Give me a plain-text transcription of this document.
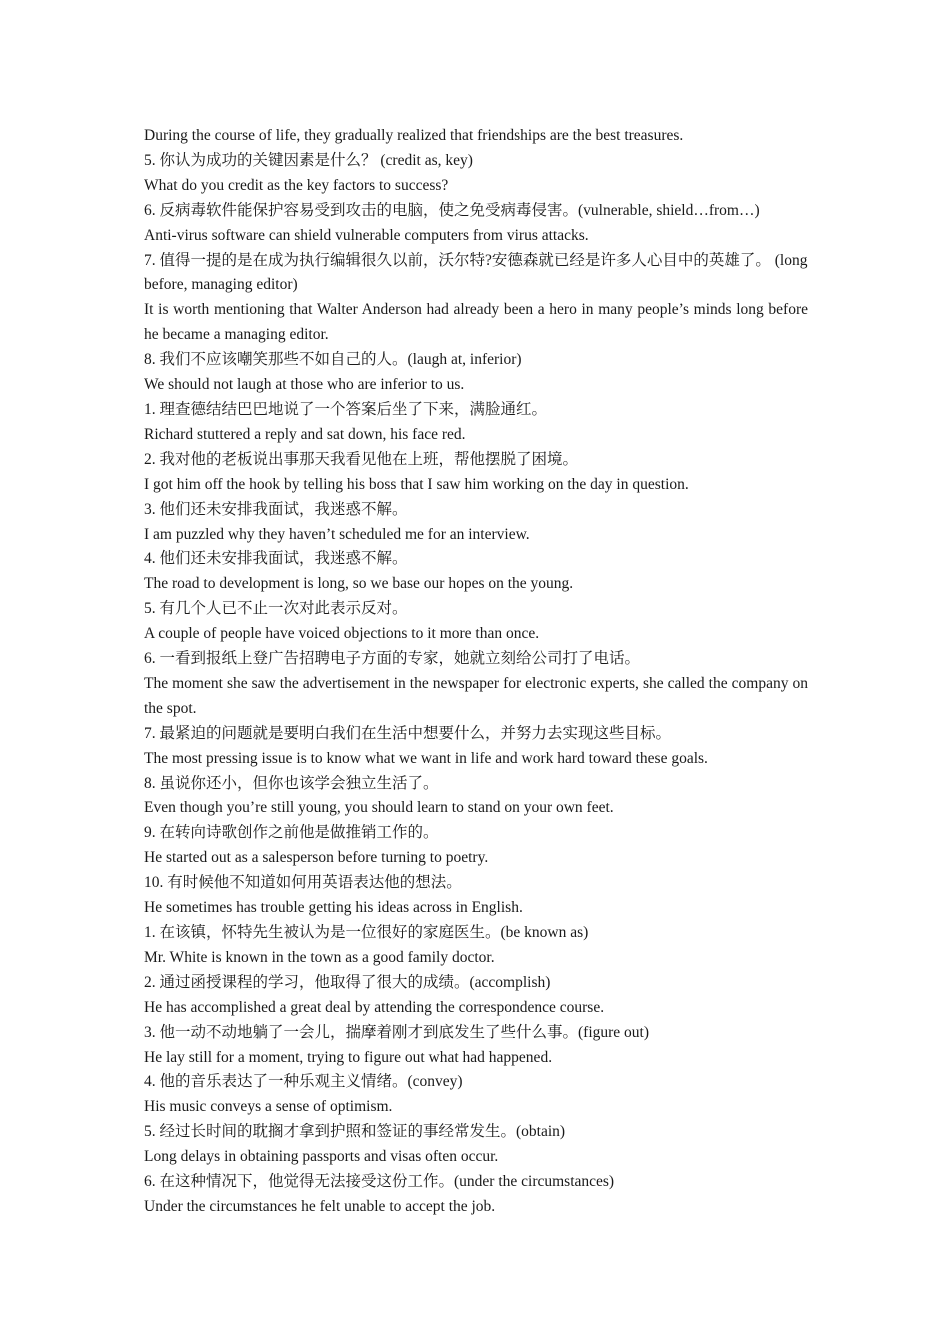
During the course of life, they gradually realized that friendships are the best treasures.

5. 你认为成功的关键因素是什么？ (credit as, key)

What do you credit as the key factors to success?

6. 反病毒软件能保护容易受到攻击的电脑，使之免受病毒侵害。(vulnerable, shield…from…)

Anti-virus software can shield vulnerable computers from virus attacks.

7. 值得一提的是在成为执行编辑很久以前，沃尔特?安德森就已经是许多人心目中的英雄了。 (long before, managing editor)

It is worth mentioning that Walter Anderson had already been a hero in many people’s minds long before he became a managing editor.

8. 我们不应该嘲笑那些不如自己的人。(laugh at, inferior)

We should not laugh at those who are inferior to us.

1. 理查德结结巴巴地说了一个答案后坐了下来，满脸通红。

Richard stuttered a reply and sat down, his face red.

2. 我对他的老板说出事那天我看见他在上班，帮他摆脱了困境。

I got him off the hook by telling his boss that I saw him working on the day in question.

3. 他们还未安排我面试，我迷惑不解。

I am puzzled why they haven’t scheduled me for an interview.

4. 他们还未安排我面试，我迷惑不解。

The road to development is long, so we base our hopes on the young.

5. 有几个人已不止一次对此表示反对。

A couple of people have voiced objections to it more than once.

6. 一看到报纸上登广告招聘电子方面的专家，她就立刻给公司打了电话。

The moment she saw the advertisement in the newspaper for electronic experts, she called the company on the spot.

7. 最紧迫的问题就是要明白我们在生活中想要什么，并努力去实现这些目标。

The most pressing issue is to know what we want in life and work hard toward these goals.

8. 虽说你还小，但你也该学会独立生活了。

Even though you’re still young, you should learn to stand on your own feet.

9. 在转向诗歌创作之前他是做推销工作的。

He started out as a salesperson before turning to poetry.

10. 有时候他不知道如何用英语表达他的想法。

He sometimes has trouble getting his ideas across in English.

1. 在该镇，怀特先生被认为是一位很好的家庭医生。(be known as)

Mr. White is known in the town as a good family doctor.

2. 通过函授课程的学习，他取得了很大的成绩。(accomplish)

He has accomplished a great deal by attending the correspondence course.

3. 他一动不动地躺了一会儿，揣摩着刚才到底发生了些什么事。(figure out)

He lay still for a moment, trying to figure out what had happened.

4. 他的音乐表达了一种乐观主义情绪。(convey)

His music conveys a sense of optimism.

5. 经过长时间的耽搁才拿到护照和签证的事经常发生。(obtain)

Long delays in obtaining passports and visas often occur.

6. 在这种情况下，他觉得无法接受这份工作。(under the circumstances)

Under the circumstances he felt unable to accept the job.
